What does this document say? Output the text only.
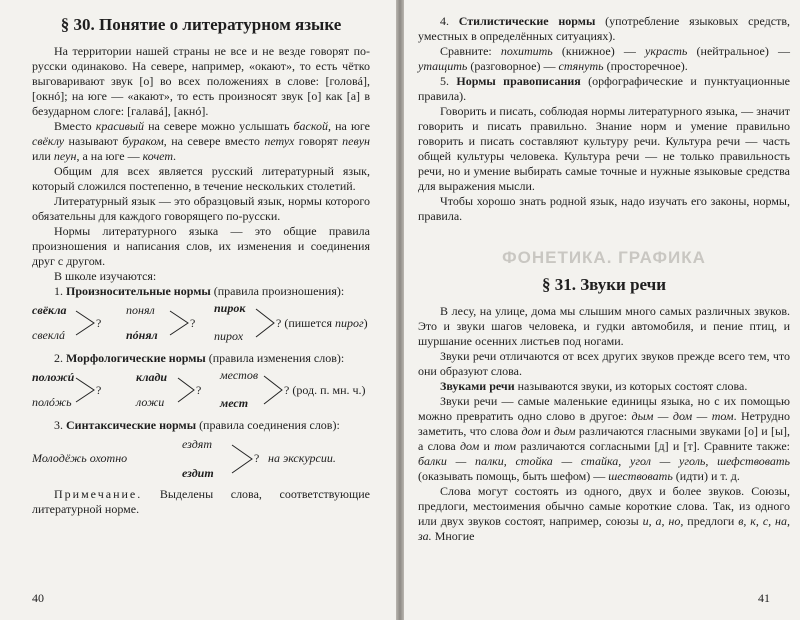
§ 30. Понятие о литературном языке

На территории нашей страны не все и не везде говорят по-русски одинаково. На севере, например, «окают», то есть чётко выговаривают звук [о] во всех положениях в слове: [головá], [окнó]; на юге — «акают», то есть произносят звук [о] как [а] в безударном слоге: [галавá], [aкнó].

Вместо красивый на севере можно услышать баской, на юге свёклу называют бураком, на севере вместо петух говорят певун или пеун, а на юге — кочет.

Общим для всех является русский литературный язык, который сложился постепенно, в течение нескольких столетий.

Литературный язык — это образцовый язык, нормы которого обязательны для каждого говорящего по-русски.

Нормы литературного языка — это общие правила произношения и написания слов, их изменения и соединения друг с другом.

В школе изучаются:

1. Произносительные нормы (правила произношения):

свёкла
свеклá
?
понял
пóнял
?
пирок
пирох
? (пишется пирог)

2. Морфологические нормы (правила изменения слов):

положú
полóжь
?
клади
ложи
?
местов
мест
? (род. п. мн. ч.)

3. Синтаксические нормы (правила соединения слов):

Молодёжь охотно
ездят
ездит
? на экскурсии.

Примечание. Выделены слова, соответствующие литературной норме.

40

4. Стилистические нормы (употребление языковых средств, уместных в определённых ситуациях).

Сравните: похитить (книжное) — украсть (нейтральное) — утащить (разговорное) — стянуть (просторечное).

5. Нормы правописания (орфографические и пунктуационные правила).

Говорить и писать, соблюдая нормы литературного языка, — значит говорить и писать правильно. Знание норм и умение правильно говорить и писать составляют культуру речи. Культура речи — часть общей культуры человека. Культура речи — не только правильность речи, но и умение выбирать самые точные и нужные языковые средства для выражения мысли.

Чтобы хорошо знать родной язык, надо изучать его законы, нормы, правила.

ФОНЕТИКА. ГРАФИКА
§ 31. Звуки речи

В лесу, на улице, дома мы слышим много самых различных звуков. Это и звуки шагов человека, и гудки автомобиля, и пение птиц, и шуршание осенних листьев под ногами.

Звуки речи отличаются от всех других звуков прежде всего тем, что они образуют слова.

Звуками речи называются звуки, из которых состоят слова.

Звуки речи — самые маленькие единицы языка, но с их помощью можно превратить одно слово в другое: дым — дом — том. Нетрудно заметить, что слова дом и дым различаются гласными звуками [о] и [ы], а слова дом и том различаются согласными [д] и [т]. Сравните также: балки — палки, стойка — стайка, угол — уголь, шефствовать (оказывать помощь, быть шефом) — шествовать (идти) и т. д.

Слова могут состоять из одного, двух и более звуков. Союзы, предлоги, местоимения обычно самые короткие слова. Так, из одного или двух звуков состоят, например, союзы и, а, но, предлоги в, к, с, на, за. Многие

41
